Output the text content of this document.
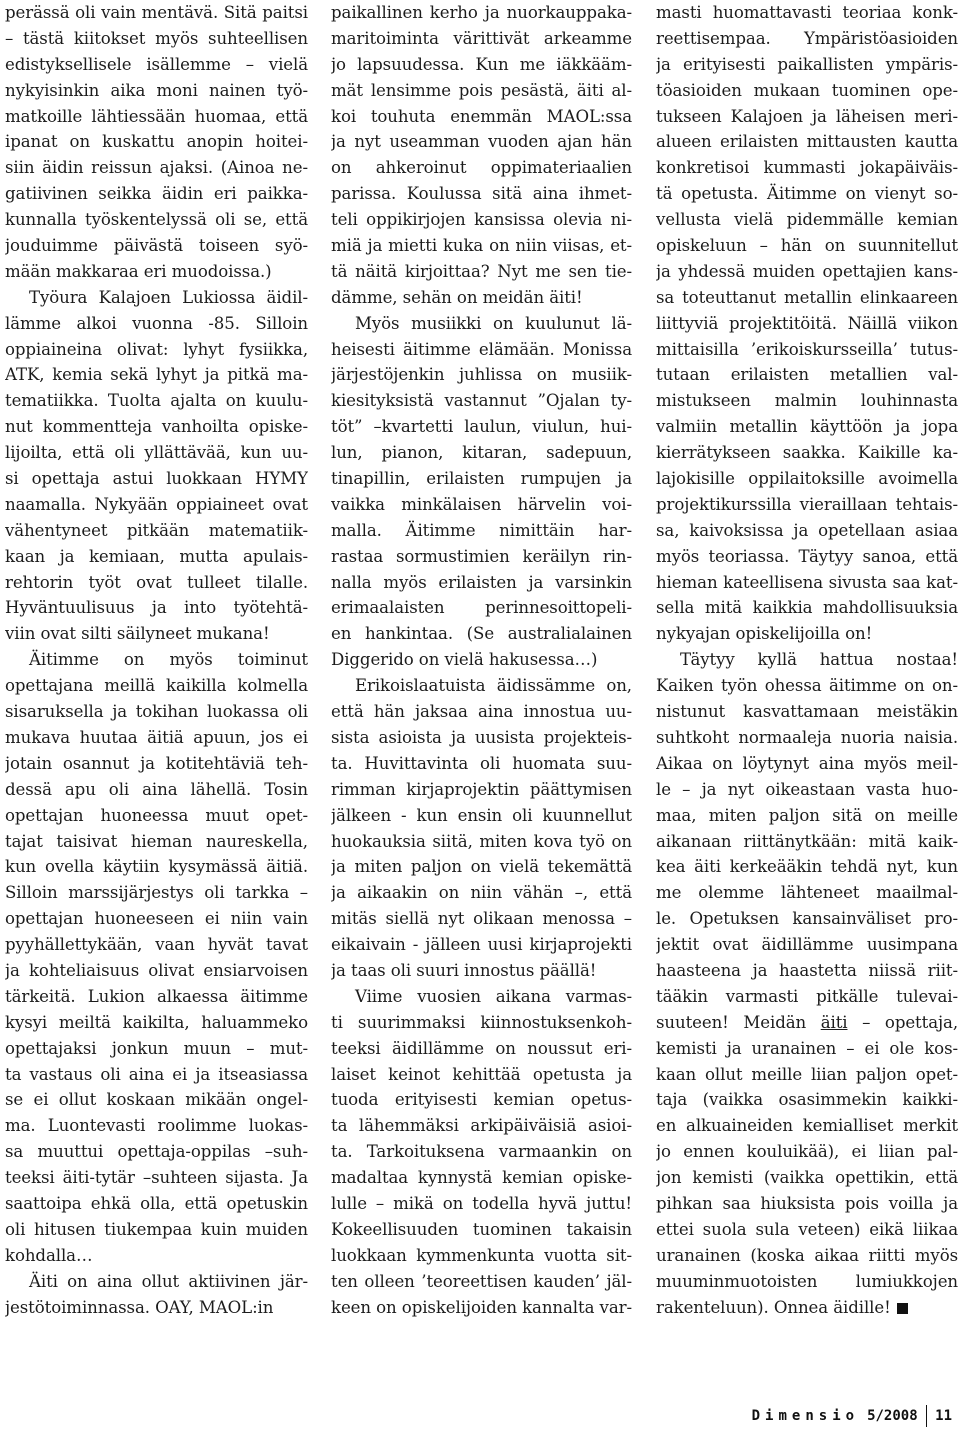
perässä oli vain mentävä. Sitä paitsi
– tästä kiitokset myös suhteellisen
edistyksellisele isällemme – vielä
nykyisinkin aika moni nainen työ-
matkoille lähtiessään huomaa, että
ipanat on kuskattu anopin hoitei-
siin äidin reissun ajaksi. (Ainoa ne-
gatiivinen seikka äidin eri paikka-
kunnalla työskentelyssä oli se, että
jouduimme päivästä toiseen syö-
mään makkaraa eri muodoissa.)
Työura Kalajoen Lukiossa äidil-
lämme alkoi vuonna -85. Silloin
oppiaineina olivat: lyhyt fysiikka,
ATK, kemia sekä lyhyt ja pitkä ma-
tematiikka. Tuolta ajalta on kuulu-
nut kommentteja vanhoilta opiske-
lijoilta, että oli yllättävää, kun uu-
si opettaja astui luokkaan HYMY
naamalla. Nykyään oppiaineet ovat
vähentyneet pitkään matematiik-
kaan ja kemiaan, mutta apulais-
rehtorin työt ovat tulleet tilalle.
Hyväntuulisuus ja into työtehtä-
viin ovat silti säilyneet mukana!
Äitimme on myös toiminut
opettajana meillä kaikilla kolmella
sisaruksella ja tokihan luokassa oli
mukava huutaa äitiä apuun, jos ei
jotain osannut ja kotitehtäviä teh-
dessä apu oli aina lähellä. Tosin
opettajan huoneessa muut opet-
tajat taisivat hieman naureskella,
kun ovella käytiin kysymässä äitiä.
Silloin marssijärjestys oli tarkka –
opettajan huoneeseen ei niin vain
pyyhällettykään, vaan hyvät tavat
ja kohteliaisuus olivat ensiarvoisen
tärkeitä. Lukion alkaessa äitimme
kysyi meiltä kaikilta, haluammeko
opettajaksi jonkun muun – mut-
ta vastaus oli aina ei ja itseasiassa
se ei ollut koskaan mikään ongel-
ma. Luontevasti roolimme luokas-
sa muuttui opettaja-oppilas –suh-
teeksi äiti-tytär –suhteen sijasta. Ja
saattoipa ehkä olla, että opetuskin
oli hitusen tiukempaa kuin muiden
kohdalla…
Äiti on aina ollut aktiivinen jär-
jestötoiminnassa. OAY, MAOL:in
paikallinen kerho ja nuorkauppaka-
maritoiminta värittivät arkeamme
jo lapsuudessa. Kun me iäkkääm-
mät lensimme pois pesästä, äiti al-
koi touhuta enemmän MAOL:ssa
ja nyt useamman vuoden ajan hän
on ahkeroinut oppimateriaalien
parissa. Koulussa sitä aina ihmet-
teli oppikirjojen kansissa olevia ni-
miä ja mietti kuka on niin viisas, et-
tä näitä kirjoittaa? Nyt me sen tie-
dämme, sehän on meidän äiti!
Myös musiikki on kuulunut lä-
heisesti äitimme elämään. Monissa
järjestöjenkin juhlissa on musiik-
kiesityksistä vastannut ”Ojalan ty-
töt” –kvartetti laulun, viulun, hui-
lun, pianon, kitaran, sadepuun,
tinapillin, erilaisten rumpujen ja
vaikka minkälaisen härvelin voi-
malla. Äitimme nimittäin har-
rastaa sormustimien keräilyn rin-
nalla myös erilaisten ja varsinkin
erimaalaisten perinnesoittopeli-
en hankintaa. (Se australialainen
Diggerido on vielä hakusessa…)
Erikoislaatuista äidissämme on,
että hän jaksaa aina innostua uu-
sista asioista ja uusista projekteis-
ta. Huvittavinta oli huomata suu-
rimman kirjaprojektin päättymisen
jälkeen - kun ensin oli kuunnellut
huokauksia siitä, miten kova työ on
ja miten paljon on vielä tekemättä
ja aikaakin on niin vähän –, että
mitäs siellä nyt olikaan menossa –
eikaivain - jälleen uusi kirjaprojekti
ja taas oli suuri innostus päällä!
Viime vuosien aikana varmas-
ti suurimmaksi kiinnostuksenkoh-
teeksi äidillämme on noussut eri-
laiset keinot kehittää opetusta ja
tuoda erityisesti kemian opetus-
ta lähemmäksi arkipäiväisiä asioi-
ta. Tarkoituksena varmaankin on
madaltaa kynnystä kemian opiske-
lulle – mikä on todella hyvä juttu!
Kokeellisuuden tuominen takaisin
luokkaan kymmenkunta vuotta sit-
ten olleen ’teoreettisen kauden’ jäl-
keen on opiskelijoiden kannalta var-
masti huomattavasti teoriaa konk-
reettisempaa. Ympäristöasioiden
ja erityisesti paikallisten ympäris-
töasioiden mukaan tuominen ope-
tukseen Kalajoen ja läheisen meri-
alueen erilaisten mittausten kautta
konkretisoi kummasti jokapäiväis-
tä opetusta. Äitimme on vienyt so-
vellusta vielä pidemmälle kemian
opiskeluun – hän on suunnitellut
ja yhdessä muiden opettajien kans-
sa toteuttanut metallin elinkaareen
liittyviä projektitöitä. Näillä viikon
mittaisilla ’erikoiskursseilla’ tutus-
tutaan erilaisten metallien val-
mistukseen malmin louhinnasta
valmiin metallin käyttöön ja jopa
kierrätykseen saakka. Kaikille ka-
lajokisille oppilaitoksille avoimella
projektikurssilla vieraillaan tehtais-
sa, kaivoksissa ja opetellaan asiaa
myös teoriassa. Täytyy sanoa, että
hieman kateellisena sivusta saa kat-
sella mitä kaikkia mahdollisuuksia
nykyajan opiskelijoilla on!
Täytyy kyllä hattua nostaa!
Kaiken työn ohessa äitimme on on-
nistunut kasvattamaan meistäkin
suhtkoht normaaleja nuoria naisia.
Aikaa on löytynyt aina myös meil-
le – ja nyt oikeastaan vasta huo-
maa, miten paljon sitä on meille
aikanaan riittänytkään: mitä kaik-
kea äiti kerkeääkin tehdä nyt, kun
me olemme lähteneet maailmal-
le. Opetuksen kansainväliset pro-
jektit ovat äidillämme uusimpana
haasteena ja haastetta niissä riit-
tääkin varmasti pitkälle tulevai-
suuteen! Meidän äiti – opettaja,
kemisti ja uranainen – ei ole kos-
kaan ollut meille liian paljon opet-
taja (vaikka osasimmekin kaikki-
en alkuaineiden kemialliset merkit
jo ennen kouluikää), ei liian pal-
jon kemisti (vaikka opettikin, että
pihkan saa hiuksista pois voilla ja
ettei suola sula veteen) eikä liikaa
uranainen (koska aikaa riitti myös
muuminmuotoisten lumiukkojen
rakenteluun). Onnea äidille!
Dimensio 5/2008 11
